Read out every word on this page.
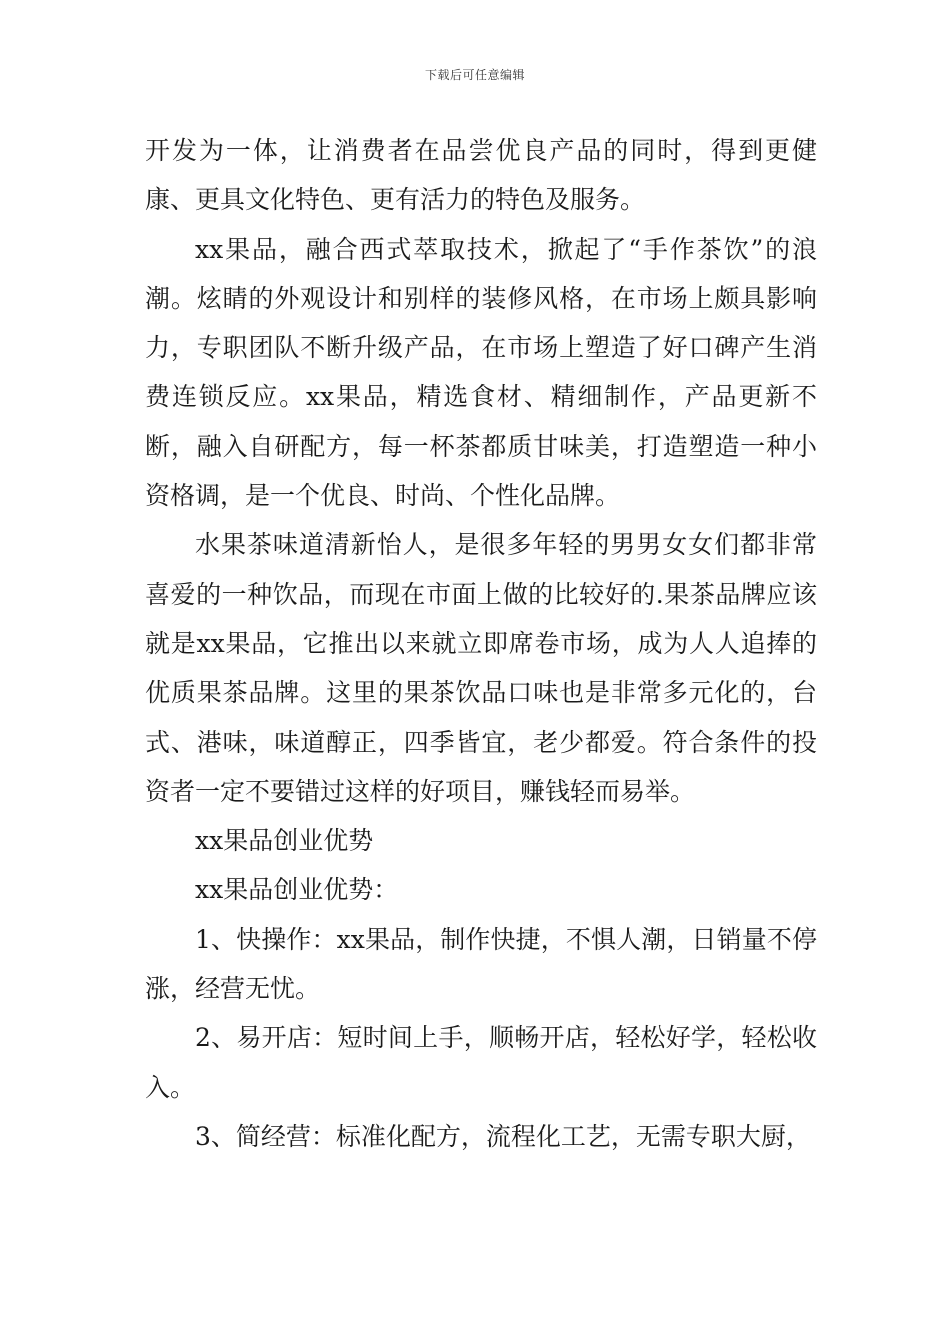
下载后可任意编辑

开发为一体，让消费者在品尝优良产品的同时，得到更健康、更具文化特色、更有活力的特色及服务。

xx果品，融合西式萃取技术，掀起了“手作茶饮”的浪潮。炫睛的外观设计和别样的装修风格，在市场上颇具影响力，专职团队不断升级产品，在市场上塑造了好口碑产生消费连锁反应。xx果品，精选食材、精细制作，产品更新不断，融入自研配方，每一杯茶都质甘味美，打造塑造一种小资格调，是一个优良、时尚、个性化品牌。

水果茶味道清新怡人，是很多年轻的男男女女们都非常喜爱的一种饮品，而现在市面上做的比较好的.果茶品牌应该就是xx果品，它推出以来就立即席卷市场，成为人人追捧的优质果茶品牌。这里的果茶饮品口味也是非常多元化的，台式、港味，味道醇正，四季皆宜，老少都爱。符合条件的投资者一定不要错过这样的好项目，赚钱轻而易举。

xx果品创业优势

xx果品创业优势：

1、快操作：xx果品，制作快捷，不惧人潮，日销量不停涨，经营无忧。

2、易开店：短时间上手，顺畅开店，轻松好学，轻松收入。

3、简经营：标准化配方，流程化工艺，无需专职大厨，
